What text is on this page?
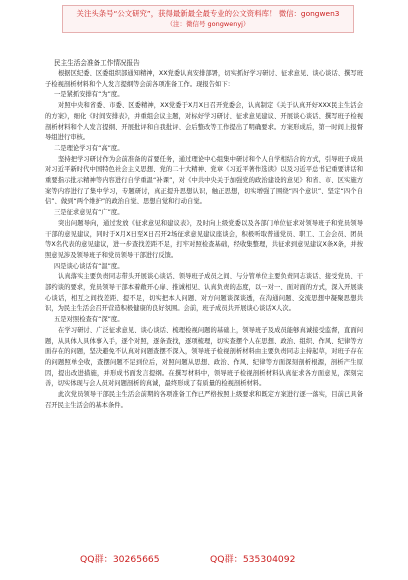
关注头条号“公文研究”，获得最新最全最专业的公文资料库！ 微信：gongwen3
（注：微信号 gongwenyj）
民主生活会准备工作情况报告

根据区纪委、区委组织部通知精神，XX党委认真安排部署，切实抓好学习研讨、征求意见、谈心谈话、撰写班子检视剖析材料和个人发言提纲等会前各项准备工作。现报告如下：

一是紧抓安排有“为”度。

对照中央和省委、市委、区委精神，XX党委于X月X日召开党委会，认真制定《关于认真开好XXX民主生活会的方案》，细化《时间安排表》，并重组会议主题，对标好学习研讨、征求意见建议、开展谈心谈话、撰写班子检视剖析材料和个人发言提纲、开展批评和自我批评、会后整改等工作提出了明确要求。方案形成后，第一时间上报督导组进行审核。

二是理论学习有“高”度。

坚持把学习研讨作为会前准备的首要任务，通过理论中心组集中研讨和个人自学相结合的方式，引导班子成员对习近平新时代中国特色社会主义思想、党的二十大精神、党章《习近平著作选读》以及习近平总书记重要讲话和重要指示批示精神等内容进行自学重温“补课”，对《中共中央关于加强党的政治建设的意见》和省、市、区实施方案等内容进行了集中学习，专题研讨，真正提升思想认识，触正思想，切实增强了围绕“四个意识”、坚定“四个自信”、做到“两个维护”的政治自觉、思想自觉和行动自觉。

三是征求意见有“广”度。

突出问题导向，通过发放《征求意见和建议表》，及时向上级党委以及各部门单位征求对领导班子和党员领导干部的意见建议，同时于X月X日至X日召开2场征求意见建议座谈会，积极听取普通党员、职工、工会会员、团员等X名代表的意见建议，进一步查找差距不足，打牢对照检查基础，经收集整理，共征求到意见建议X条X条，并按照意见涉及领导班子和党员领导干部进行反馈。

四是谈心谈话有“温”度。

认真落实主要负责同志带头开展谈心谈话、领导班子成员之间、与分管单位主要负责同志谈话、接受党员、干部约谈的要求，党员领导干部本着敞开心扉、推诚相见、认真负责的态度，以一对一、面对面的方式，深入开展谈心谈话，相互之间找差距、提不足，切实把本人问题、对方问题谈深谈透，在沟通问题、交流思想中凝聚思想共识，为民主生活会召开营造积极健康的良好氛围。会前，班子成员共开展谈心谈话X人次。

五是对照检查有“深”度。

在学习研讨、广泛征求意见、谈心谈话、梳理检视问题的基础上，领导班子及成员能够真诚接受监督，直面问题，从具体人具体事入手，逐个对照，逐条查找，逐项梳理，切实查摆个人在思想、政治、组织、作风、纪律等方面存在的问题，坚决避免不认真对问题查摆不深入，领导班子检视剖析材料由主要负责同志主持起草，对班子存在的问题照单全收，查摆问题不足到位后，对照问题从思想、政治、作风、纪律等方面深刻剖析根源，剖析产生原因，提出改进措施，并形成书面发言提纲。在撰写材料中，领导班子检视剖析材料认真征求各方面意见，深刻完善，切实体现与会人员对问题剖析的真诚，最终形成了有质量的检视剖析材料。

此次党员领导干部民主生活会前期的各项准备工作已严格按照上级要求和既定方案进行逐一落实，目前已具备召开民主生活会的基本条件。

QQ群：30265665	QQ群：535304092
